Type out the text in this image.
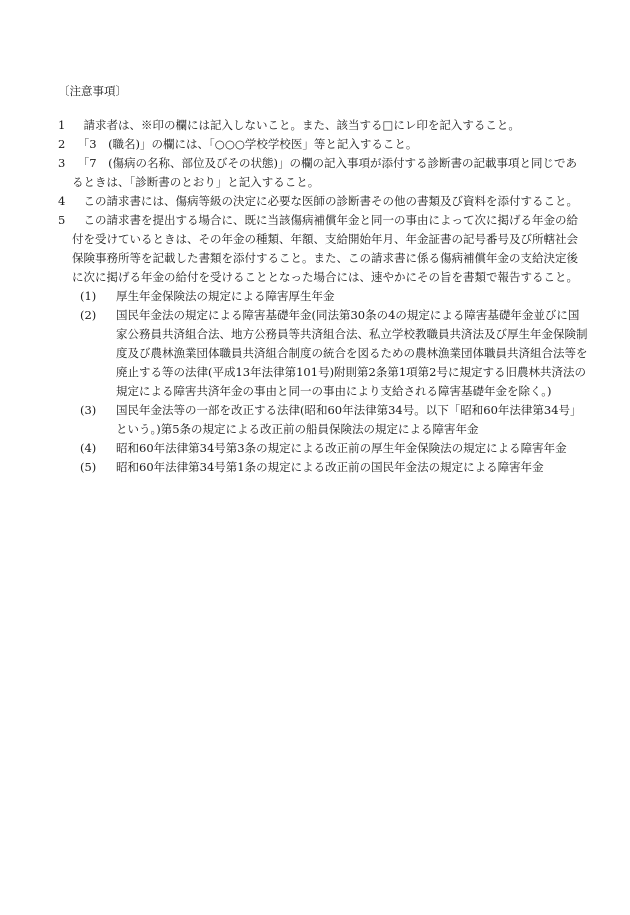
〔注意事項〕
1　請求者は、※印の欄には記入しないこと。また、該当する□にレ印を記入すること。
2　「3　(職名)」の欄には、「○○○学校学校医」等と記入すること。
3　「7　(傷病の名称、部位及びその状態)」の欄の記入事項が添付する診断書の記載事項と同じであるときは、「診断書のとおり」と記入すること。
4　この請求書には、傷病等級の決定に必要な医師の診断書その他の書類及び資料を添付すること。
5　この請求書を提出する場合に、既に当該傷病補償年金と同一の事由によって次に掲げる年金の給付を受けているときは、その年金の種類、年額、支給開始年月、年金証書の記号番号及び所轄社会保険事務所等を記載した書類を添付すること。また、この請求書に係る傷病補償年金の支給決定後に次に掲げる年金の給付を受けることとなった場合には、速やかにその旨を書類で報告すること。
(1)	厚生年金保険法の規定による障害厚生年金
(2)	国民年金法の規定による障害基礎年金(同法第30条の4の規定による障害基礎年金並びに国家公務員共済組合法、地方公務員等共済組合法、私立学校教職員共済法及び厚生年金保険制度及び農林漁業団体職員共済組合制度の統合を図るための農林漁業団体職員共済組合法等を廃止する等の法律(平成13年法律第101号)附則第2条第1項第2号に規定する旧農林共済法の規定による障害共済年金の事由と同一の事由により支給される障害基礎年金を除く。)
(3)	国民年金法等の一部を改正する法律(昭和60年法律第34号。以下「昭和60年法律第34号」という。)第5条の規定による改正前の船員保険法の規定による障害年金
(4)	昭和60年法律第34号第3条の規定による改正前の厚生年金保険法の規定による障害年金
(5)	昭和60年法律第34号第1条の規定による改正前の国民年金法の規定による障害年金
